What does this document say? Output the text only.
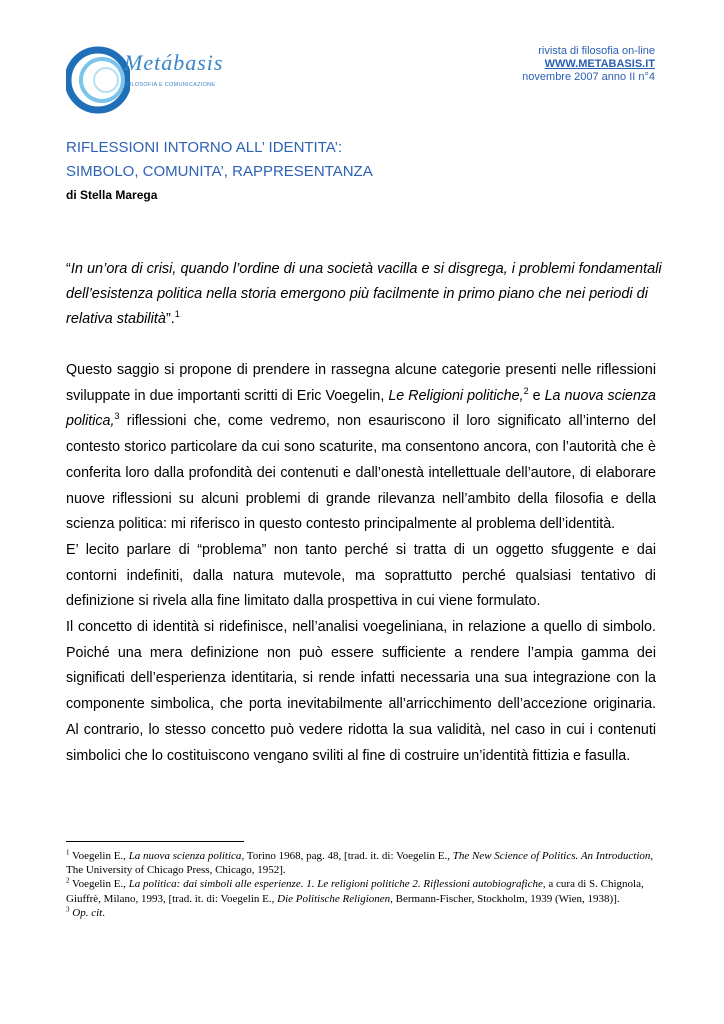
Metábasis
FILOSOFIA E COMUNICAZIONE
rivista di filosofia on-line
WWW.METABASIS.IT
novembre 2007 anno II n°4
RIFLESSIONI INTORNO ALL’ IDENTITA’:
SIMBOLO, COMUNITA’, RAPPRESENTANZA
di Stella Marega
“In un’ora di crisi, quando l’ordine di una società vacilla e si disgrega, i problemi fondamentali dell’esistenza politica nella storia emergono più facilmente in primo piano che nei periodi di relativa stabilità”.$^1$

Questo saggio si propone di prendere in rassegna alcune categorie presenti nelle riflessioni sviluppate in due importanti scritti di Eric Voegelin, Le Religioni politiche,$^2$ e La nuova scienza politica,$^3$ riflessioni che, come vedremo, non esauriscono il loro significato all’interno del contesto storico particolare da cui sono scaturite, ma consentono ancora, con l’autorità che è conferita loro dalla profondità dei contenuti e dall’onestà intellettuale dell’autore, di elaborare nuove riflessioni su alcuni problemi di grande rilevanza nell’ambito della filosofia e della scienza politica: mi riferisco in questo contesto principalmente al problema dell’identità.

E’ lecito parlare di “problema” non tanto perché si tratta di un oggetto sfuggente e dai contorni indefiniti, dalla natura mutevole, ma soprattutto perché qualsiasi tentativo di definizione si rivela alla fine limitato dalla prospettiva in cui viene formulato.

Il concetto di identità si ridefinisce, nell’analisi voegeliniana, in relazione a quello di simbolo. Poiché una mera definizione non può essere sufficiente a rendere l’ampia gamma dei significati dell’esperienza identitaria, si rende infatti necessaria una sua integrazione con la componente simbolica, che porta inevitabilmente all’arricchimento dell’accezione originaria. Al contrario, lo stesso concetto può vedere ridotta la sua validità, nel caso in cui i contenuti simbolici che lo costituiscono vengano sviliti al fine di costruire un’identità fittizia e fasulla.

$^1$ Voegelin E., La nuova scienza politica, Torino 1968, pag. 48, [trad. it. di: Voegelin E., The New Science of Politics. An Introduction, The University of Chicago Press, Chicago, 1952].
$^2$ Voegelin E., La politica: dai simboli alle esperienze. 1. Le religioni politiche 2. Riflessioni autobiografiche, a cura di S. Chignola, Giuffrè, Milano, 1993, [trad. it. di: Voegelin E., Die Politische Religionen, Bermann-Fischer, Stockholm, 1939 (Wien, 1938)].
$^3$ Op. cit.
